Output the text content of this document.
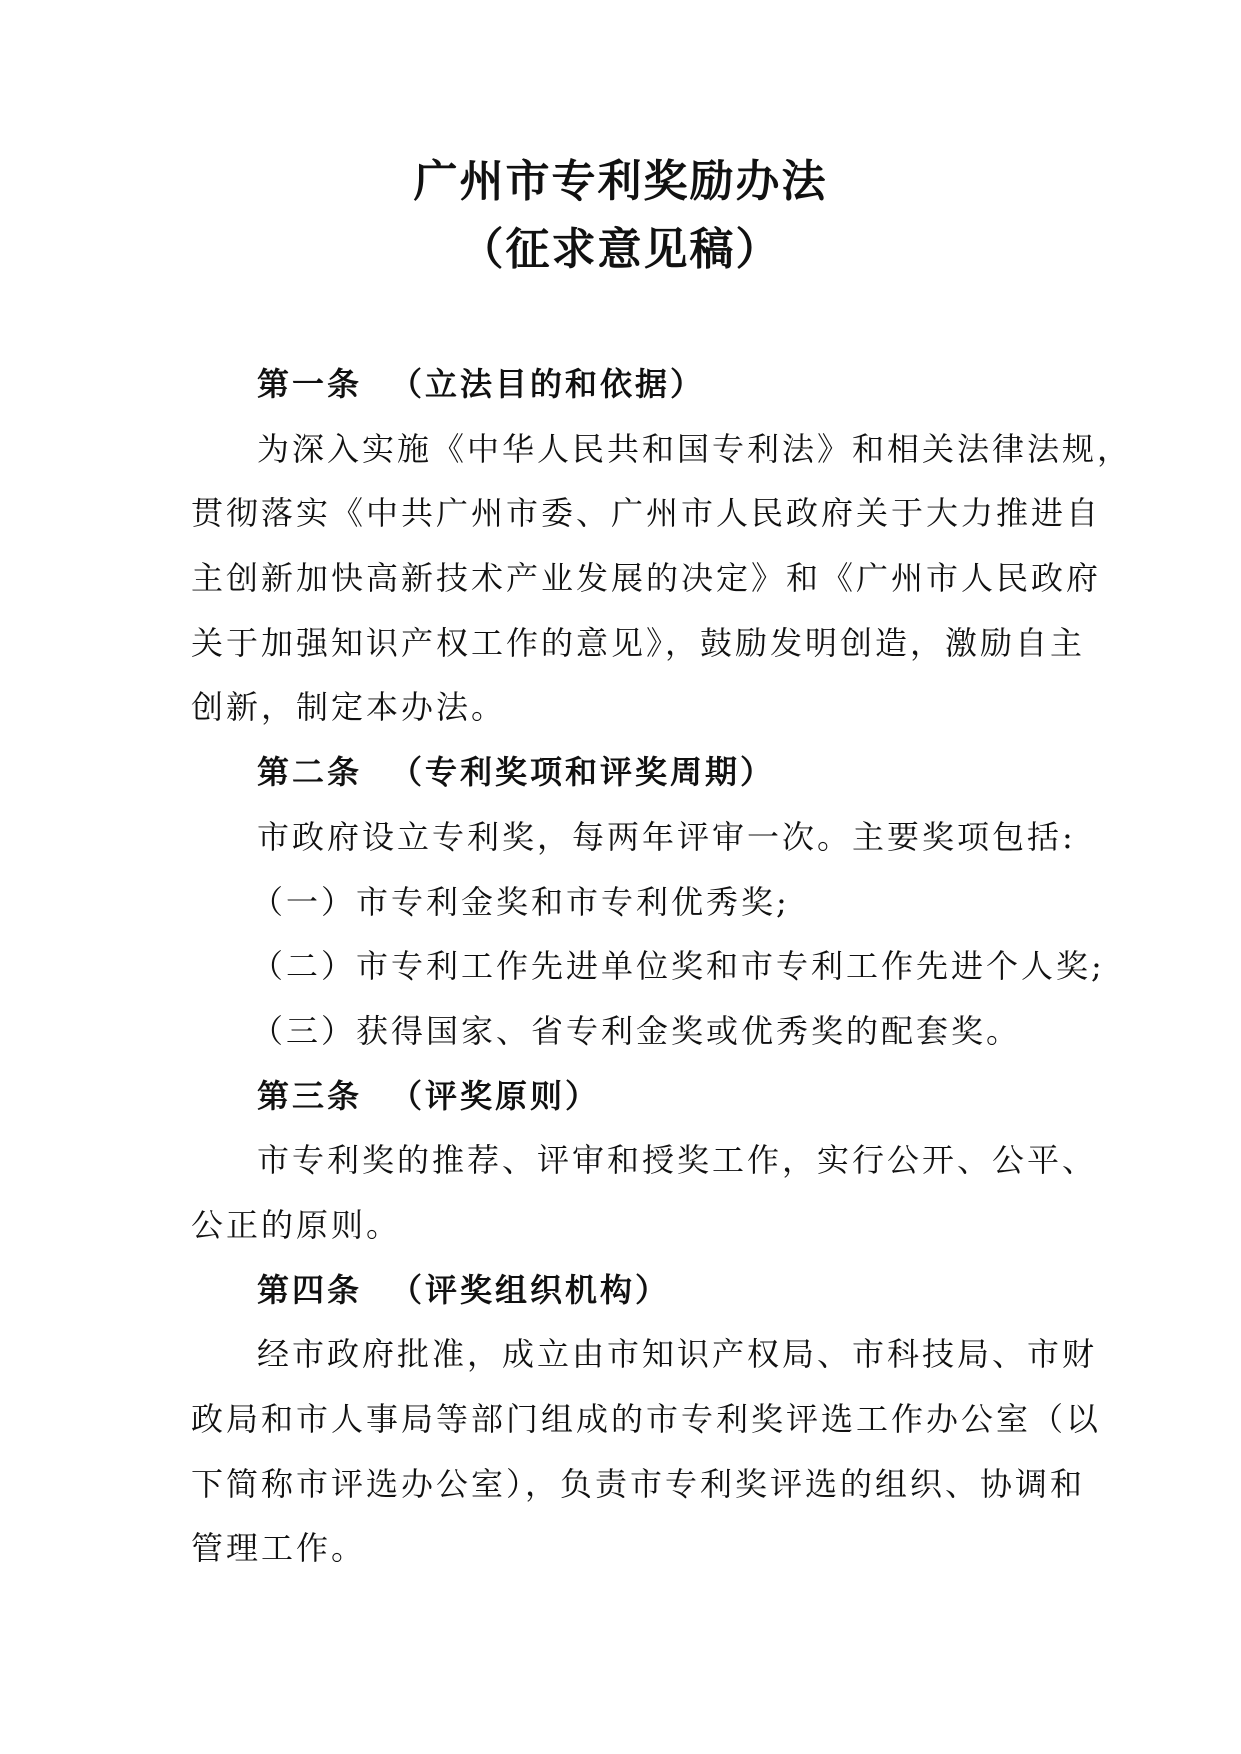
广州市专利奖励办法
（征求意见稿）
第一条 （立法目的和依据）
为深入实施《中华人民共和国专利法》和相关法律法规，
贯彻落实《中共广州市委、广州市人民政府关于大力推进自
主创新加快高新技术产业发展的决定》和《广州市人民政府
关于加强知识产权工作的意见》，鼓励发明创造，激励自主
创新，制定本办法。
第二条 （专利奖项和评奖周期）
市政府设立专利奖，每两年评审一次。主要奖项包括:
（一）市专利金奖和市专利优秀奖;
（二）市专利工作先进单位奖和市专利工作先进个人奖;
（三）获得国家、省专利金奖或优秀奖的配套奖。
第三条 （评奖原则）
市专利奖的推荐、评审和授奖工作，实行公开、公平、
公正的原则。
第四条 （评奖组织机构）
经市政府批准，成立由市知识产权局、市科技局、市财
政局和市人事局等部门组成的市专利奖评选工作办公室（以
下简称市评选办公室），负责市专利奖评选的组织、协调和
管理工作。
